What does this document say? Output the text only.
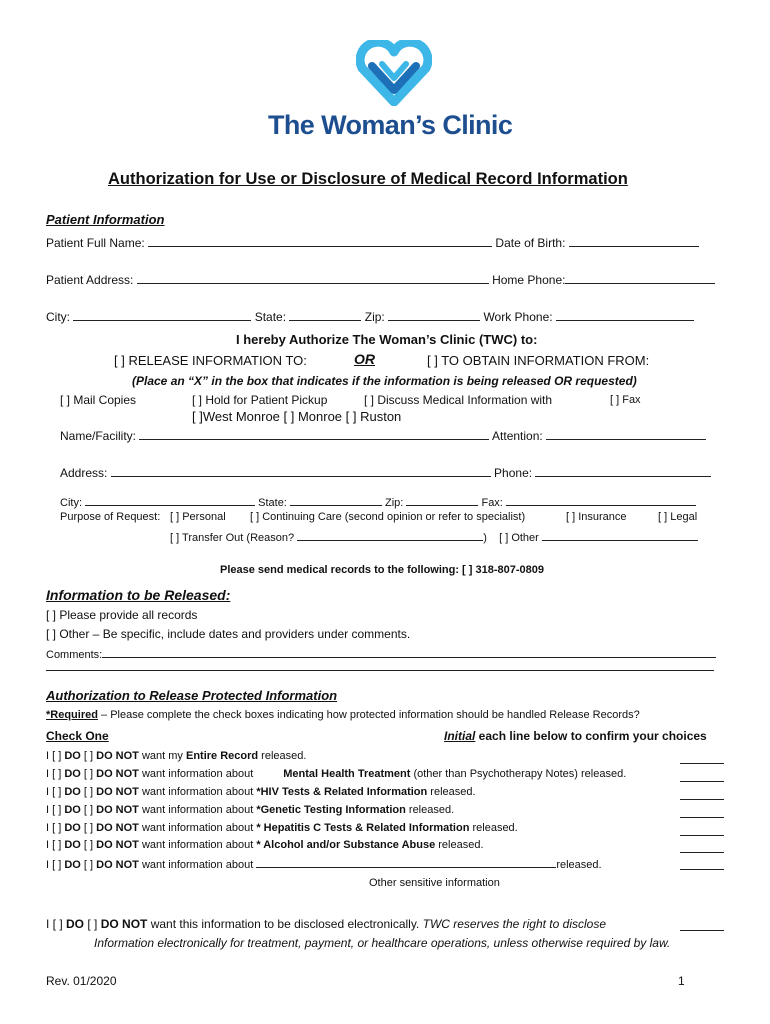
The Woman’s Clinic
Authorization for Use or Disclosure of Medical Record Information
Patient Information
Patient Full Name:	Date of Birth:
Patient Address:	Home Phone:
City:	State:	Zip:	Work Phone:
I hereby Authorize The Woman’s Clinic (TWC) to:
[ ] RELEASE INFORMATION TO:	OR	[ ] TO OBTAIN INFORMATION FROM:
(Place an “X” in the box that indicates if the information is being released OR requested)
[ ] Mail Copies	[ ] Hold for Patient Pickup	[ ] Discuss Medical Information with	[ ] Fax
[ ]West Monroe [ ] Monroe [ ] Ruston
Name/Facility:	Attention:
Address:	Phone:
City:	State:	Zip:	Fax:
Purpose of Request: [ ] Personal [ ] Continuing Care (second opinion or refer to specialist)	[ ] Insurance	[ ] Legal
[ ] Transfer Out (Reason?	) [ ] Other
Please send medical records to the following: [ ] 318-807-0809
Information to be Released:
[ ] Please provide all records
[ ] Other – Be specific, include dates and providers under comments.
Comments:
Authorization to Release Protected Information
*Required – Please complete the check boxes indicating how protected information should be handled Release Records?
Check One	Initial each line below to confirm your choices
I [ ] DO [ ] DO NOT want my Entire Record released.
I [ ] DO [ ] DO NOT want information about	Mental Health Treatment (other than Psychotherapy Notes) released.
I [ ] DO [ ] DO NOT want information about *HIV Tests & Related Information released.
I [ ] DO [ ] DO NOT want information about *Genetic Testing Information released.
I [ ] DO [ ] DO NOT want information about * Hepatitis C Tests & Related Information released.
I [ ] DO [ ] DO NOT want information about * Alcohol and/or Substance Abuse released.
I [ ] DO [ ] DO NOT want information about	released.
Other sensitive information
I [ ] DO [ ] DO NOT want this information to be disclosed electronically. TWC reserves the right to disclose
Information electronically for treatment, payment, or healthcare operations, unless otherwise required by law.
Rev. 01/2020	1
